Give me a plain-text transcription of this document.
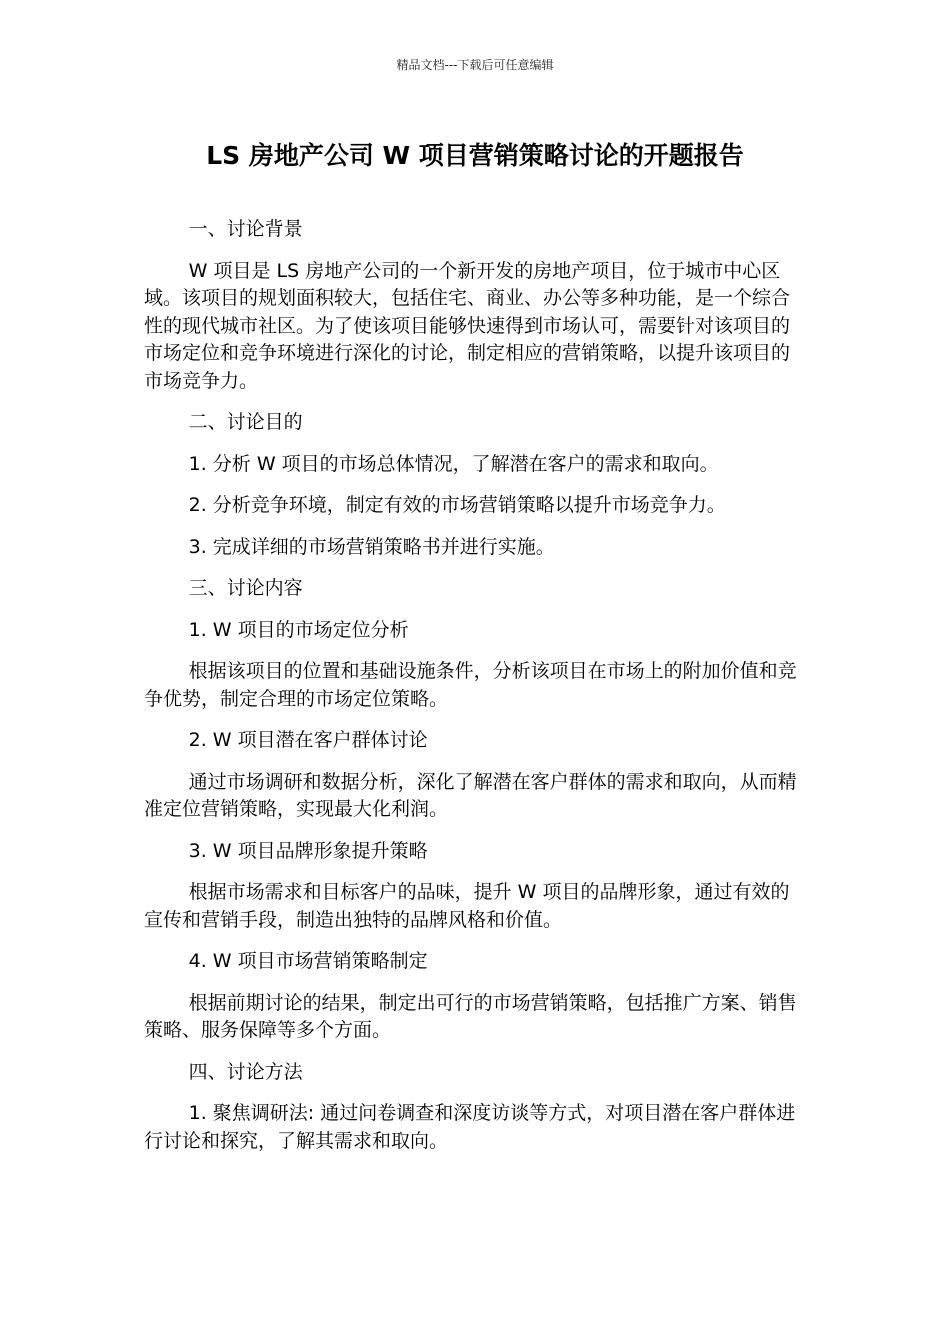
精品文档---下载后可任意编辑
LS 房地产公司 W 项目营销策略讨论的开题报告

一、讨论背景

W 项目是 LS 房地产公司的一个新开发的房地产项目，位于城市中心区域。该项目的规划面积较大，包括住宅、商业、办公等多种功能，是一个综合性的现代城市社区。为了使该项目能够快速得到市场认可，需要针对该项目的市场定位和竞争环境进行深化的讨论，制定相应的营销策略，以提升该项目的市场竞争力。

二、讨论目的

1. 分析 W 项目的市场总体情况，了解潜在客户的需求和取向。

2. 分析竞争环境，制定有效的市场营销策略以提升市场竞争力。

3. 完成详细的市场营销策略书并进行实施。

三、讨论内容

1. W 项目的市场定位分析

根据该项目的位置和基础设施条件，分析该项目在市场上的附加价值和竞争优势，制定合理的市场定位策略。

2. W 项目潜在客户群体讨论

通过市场调研和数据分析，深化了解潜在客户群体的需求和取向，从而精准定位营销策略，实现最大化利润。

3. W 项目品牌形象提升策略

根据市场需求和目标客户的品味，提升 W 项目的品牌形象，通过有效的宣传和营销手段，制造出独特的品牌风格和价值。

4. W 项目市场营销策略制定

根据前期讨论的结果，制定出可行的市场营销策略，包括推广方案、销售策略、服务保障等多个方面。

四、讨论方法

1. 聚焦调研法: 通过问卷调查和深度访谈等方式，对项目潜在客户群体进行讨论和探究，了解其需求和取向。
